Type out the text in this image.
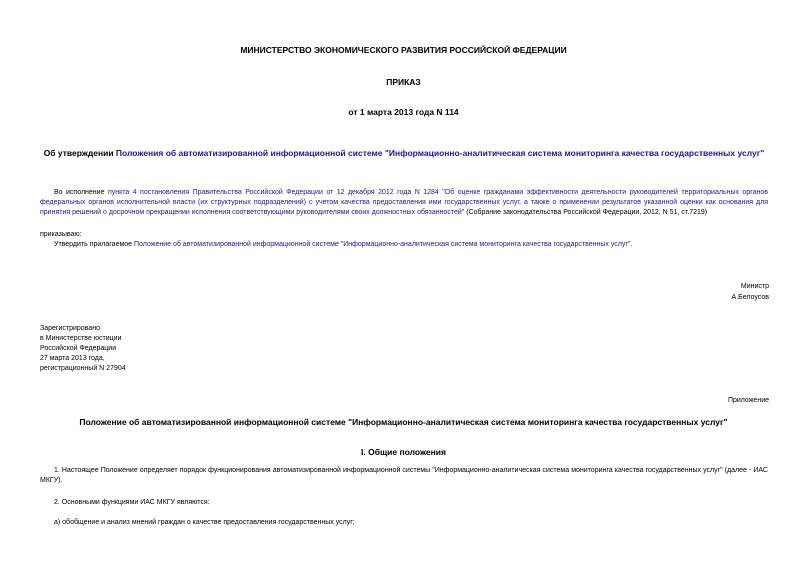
МИНИСТЕРСТВО ЭКОНОМИЧЕСКОГО РАЗВИТИЯ РОССИЙСКОЙ ФЕДЕРАЦИИ
ПРИКАЗ
от 1 марта 2013 года N 114
Об утверждении Положения об автоматизированной информационной системе "Информационно-аналитическая система мониторинга качества государственных услуг"
Во исполнение пункта 4 постановления Правительства Российской Федерации от 12 декабря 2012 года N 1284 "Об оценке гражданами эффективности деятельности руководителей территориальных органов федеральных органов исполнительной власти (их структурных подразделений) с учетом качества предоставления ими государственных услуг, а также о применении результатов указанной оценки как основания для принятия решений о досрочном прекращении исполнения соответствующими руководителями своих должностных обязанностей" (Собрание законодательства Российской Федерации, 2012, N 51, ст.7219)
приказываю:
Утвердить прилагаемое Положение об автоматизированной информационной системе "Информационно-аналитическая система мониторинга качества государственных услуг".
Министр
А.Белоусов
Зарегистрировано
в Министерстве юстиции
Российской Федерации
27 марта 2013 года,
регистрационный N 27904
Приложение
Положение об автоматизированной информационной системе "Информационно-аналитическая система мониторинга качества государственных услуг"
I. Общие положения
1. Настоящее Положение определяет порядок функционирования автоматизированной информационной системы "Информационно-аналитическая система мониторинга качества государственных услуг" (далее - ИАС МКГУ).
2. Основными функциями ИАС МКГУ являются:
а) обобщение и анализ мнений граждан о качестве предоставления государственных услуг;
